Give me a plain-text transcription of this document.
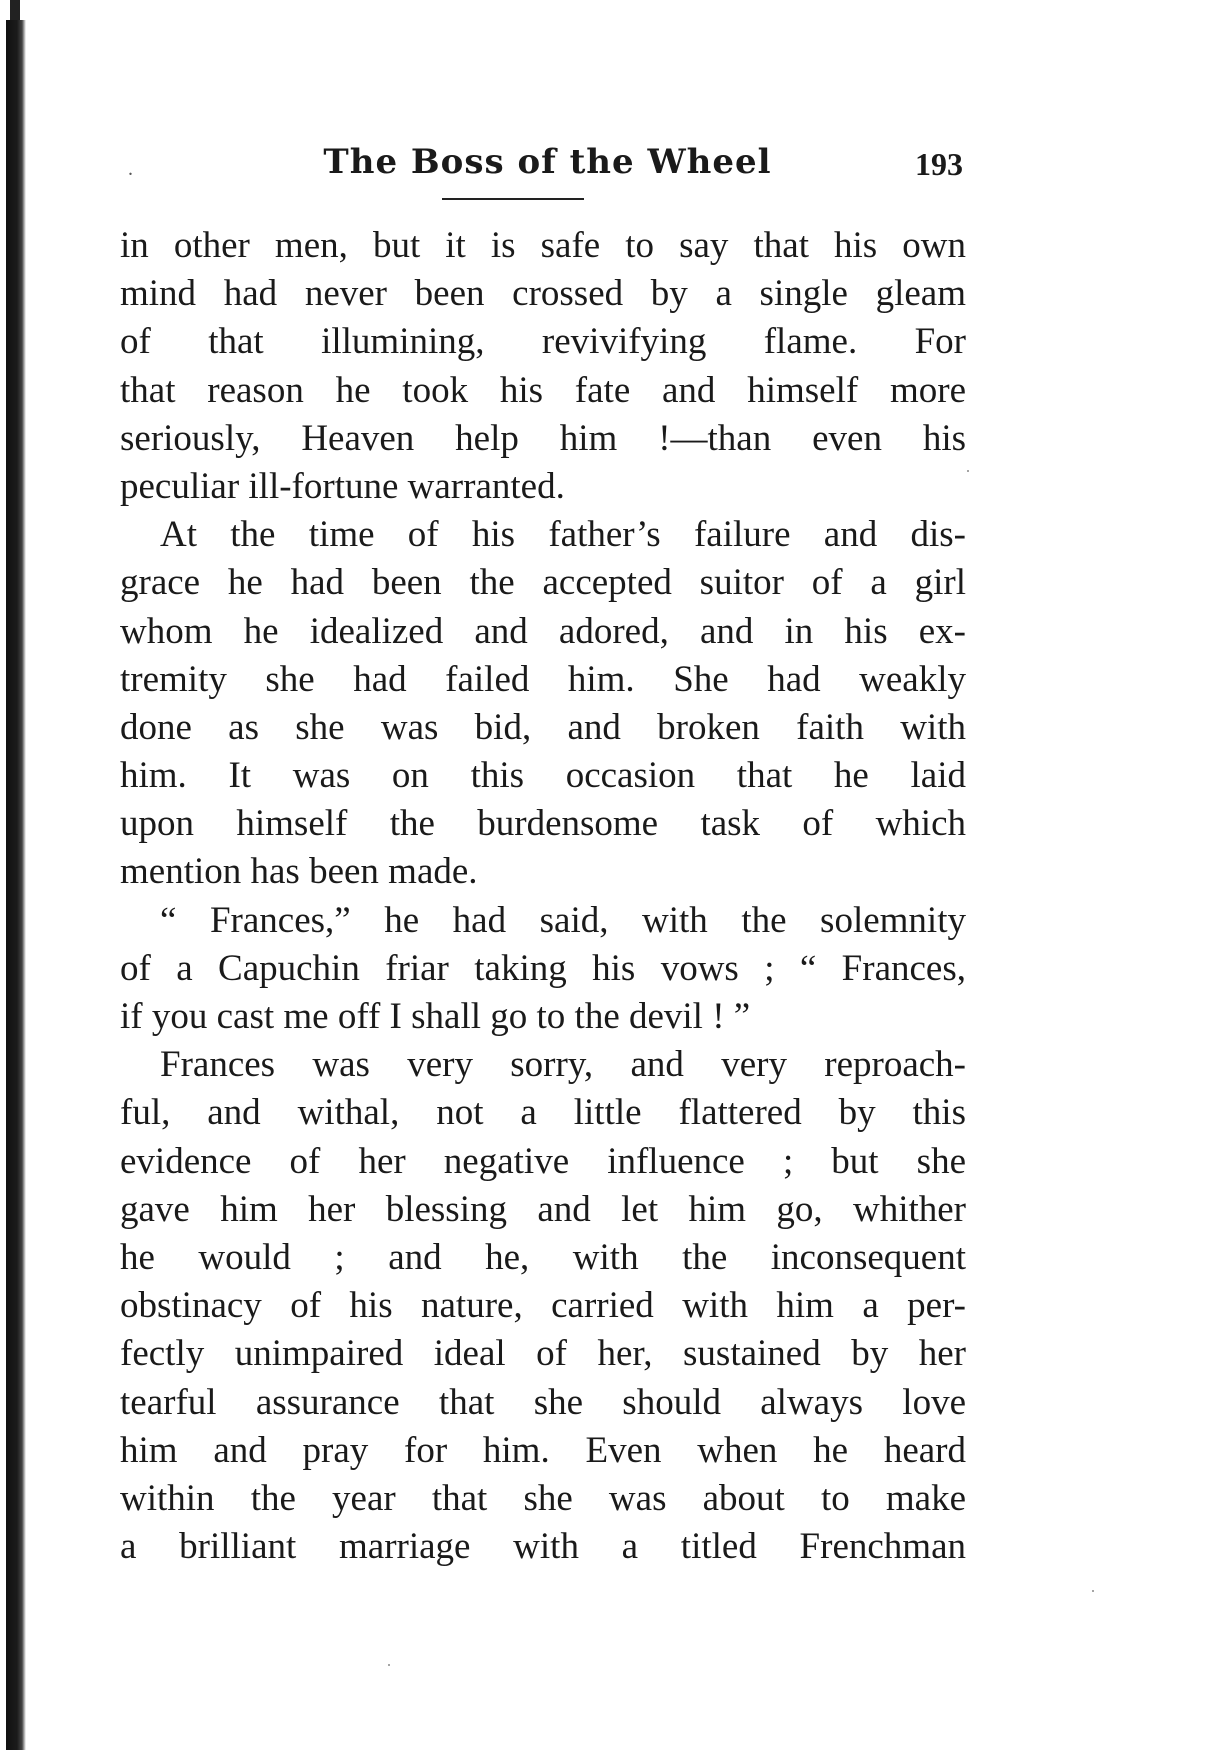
.	The Boss of the Wheel	193
in other men, but it is safe to say that his own
mind had never been crossed by a single gleam
of that illumining, revivifying flame. For
that reason he took his fate and himself more
seriously, Heaven help him !—than even his
peculiar ill-fortune warranted.
At the time of his father’s failure and dis-
grace he had been the accepted suitor of a girl
whom he idealized and adored, and in his ex-
tremity she had failed him. She had weakly
done as she was bid, and broken faith with
him. It was on this occasion that he laid
upon himself the burdensome task of which
mention has been made.
“ Frances,” he had said, with the solemnity
of a Capuchin friar taking his vows ; “ Frances,
if you cast me off I shall go to the devil ! ”
Frances was very sorry, and very reproach-
ful, and withal, not a little flattered by this
evidence of her negative influence ; but she
gave him her blessing and let him go, whither
he would ; and he, with the inconsequent
obstinacy of his nature, carried with him a per-
fectly unimpaired ideal of her, sustained by her
tearful assurance that she should always love
him and pray for him. Even when he heard
within the year that she was about to make
a brilliant marriage with a titled Frenchman
